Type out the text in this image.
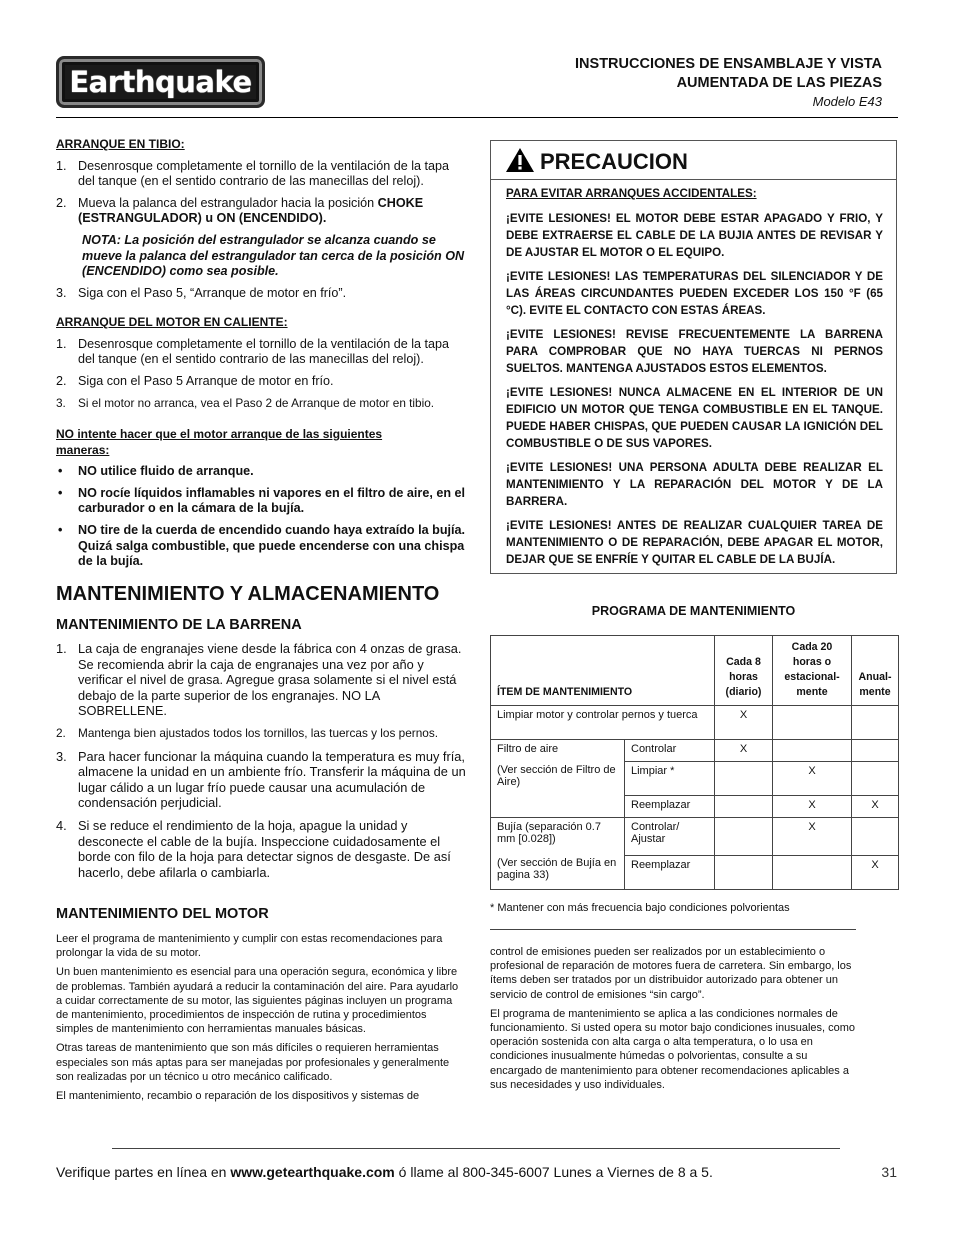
Earthquake
INSTRUCCIONES DE ENSAMBLAJE Y VISTA
AUMENTADA DE LAS PIEZAS
Modelo E43
ARRANQUE EN TIBIO:
1. Desenrosque completamente el tornillo de la ventilación de la tapa del tanque (en el sentido contrario de las manecillas del reloj).
2. Mueva la palanca del estrangulador hacia la posición CHOKE (ESTRANGULADOR) u ON (ENCENDIDO).
NOTA: La posición del estrangulador se alcanza cuando se mueve la palanca del estrangulador tan cerca de la posición ON (ENCENDIDO) como sea posible.
3. Siga con el Paso 5, “Arranque de motor en frío”.
ARRANQUE DEL MOTOR EN CALIENTE:
1. Desenrosque completamente el tornillo de la ventilación de la tapa del tanque (en el sentido contrario de las manecillas del reloj).
2. Siga con el Paso 5 Arranque de motor en frío.
3. Si el motor no arranca, vea el Paso 2 de Arranque de motor en tibio.
NO intente hacer que el motor arranque de las siguientes maneras:
• NO utilice fluido de arranque.
• NO rocíe líquidos inflamables ni vapores en el filtro de aire, en el carburador o en la cámara de la bujía.
• NO tire de la cuerda de encendido cuando haya extraído la bujía. Quizá salga combustible, que puede encenderse con una chispa de la bujía.
MANTENIMIENTO Y ALMACENAMIENTO
MANTENIMIENTO DE LA BARRENA
1. La caja de engranajes viene desde la fábrica con 4 onzas de grasa. Se recomienda abrir la caja de engranajes una vez por año y verificar el nivel de grasa. Agregue grasa solamente si el nivel está debajo de la parte superior de los engranajes. NO LA SOBRELLENE.
2. Mantenga bien ajustados todos los tornillos, las tuercas y los pernos.
3. Para hacer funcionar la máquina cuando la temperatura es muy fría, almacene la unidad en un ambiente frío. Transferir la máquina de un lugar cálido a un lugar frío puede causar una acumulación de condensación perjudicial.
4. Si se reduce el rendimiento de la hoja, apague la unidad y desconecte el cable de la bujía. Inspeccione cuidadosamente el borde con filo de la hoja para detectar signos de desgaste. De así hacerlo, debe afilarla o cambiarla.
MANTENIMIENTO DEL MOTOR
Leer el programa de mantenimiento y cumplir con estas recomendaciones para prolongar la vida de su motor.
Un buen mantenimiento es esencial para una operación segura, económica y libre de problemas. También ayudará a reducir la contaminación del aire. Para ayudarlo a cuidar correctamente de su motor, las siguientes páginas incluyen un programa de mantenimiento, procedimientos de inspección de rutina y procedimientos simples de mantenimiento con herramientas manuales básicas.
Otras tareas de mantenimiento que son más difíciles o requieren herramientas especiales son más aptas para ser manejadas por profesionales y generalmente son realizadas por un técnico u otro mecánico calificado.
El mantenimiento, recambio o reparación de los dispositivos y sistemas de
PRECAUCION

PARA EVITAR ARRANQUES ACCIDENTALES:

¡EVITE LESIONES! EL MOTOR DEBE ESTAR APAGADO Y FRIO, Y DEBE EXTRAERSE EL CABLE DE LA BUJIA ANTES DE REVISAR Y DE AJUSTAR EL MOTOR O EL EQUIPO.

¡EVITE LESIONES! LAS TEMPERATURAS DEL SILENCIADOR Y DE LAS ÁREAS CIRCUNDANTES PUEDEN EXCEDER LOS 150 °F (65 °C). EVITE EL CONTACTO CON ESTAS ÁREAS.

¡EVITE LESIONES! REVISE FRECUENTEMENTE LA BARRENA PARA COMPROBAR QUE NO HAYA TUERCAS NI PERNOS SUELTOS. MANTENGA AJUSTADOS ESTOS ELEMENTOS.

¡EVITE LESIONES! NUNCA ALMACENE EN EL INTERIOR DE UN EDIFICIO UN MOTOR QUE TENGA COMBUSTIBLE EN EL TANQUE. PUEDE HABER CHISPAS, QUE PUEDEN CAUSAR LA IGNICIÓN DEL COMBUSTIBLE O DE SUS VAPORES.

¡EVITE LESIONES! UNA PERSONA ADULTA DEBE REALIZAR EL MANTENIMIENTO Y LA REPARACIÓN DEL MOTOR Y DE LA BARRERA.

¡EVITE LESIONES! ANTES DE REALIZAR CUALQUIER TAREA DE MANTENIMIENTO O DE REPARACIÓN, DEBE APAGAR EL MOTOR, DEJAR QUE SE ENFRÍE Y QUITAR EL CABLE DE LA BUJÍA.

PROGRAMA DE MANTENIMIENTO
ÍTEM DE MANTENIMIENTO		Cada 8 horas (diario)	Cada 20 horas o estacional-mente	Anual-mente
Limpiar motor y controlar pernos y tuerca		X		

Filtro de aire
(Ver sección de Filtro de Aire)	Controlar	X		
	Limpiar *		X	
	Reemplazar		X	X

Bujía (separación 0.7 mm [0.028])
(Ver sección de Bujía en pagina 33)	Controlar/ Ajustar		X	
	Reemplazar			X
* Mantener con más frecuencia bajo condiciones polvorientas
control de emisiones pueden ser realizados por un establecimiento o profesional de reparación de motores fuera de carretera. Sin embargo, los ítems deben ser tratados por un distribuidor autorizado para obtener un servicio de control de emisiones “sin cargo”.
El programa de mantenimiento se aplica a las condiciones normales de funcionamiento. Si usted opera su motor bajo condiciones inusuales, como operación sostenida con alta carga o alta temperatura, o lo usa en condiciones inusualmente húmedas o polvorientas, consulte a su encargado de mantenimiento para obtener recomendaciones aplicables a sus necesidades y uso individuales.
Verifique partes en línea en www.getearthquake.com ó llame al 800-345-6007 Lunes a Viernes de 8 a 5.	31
